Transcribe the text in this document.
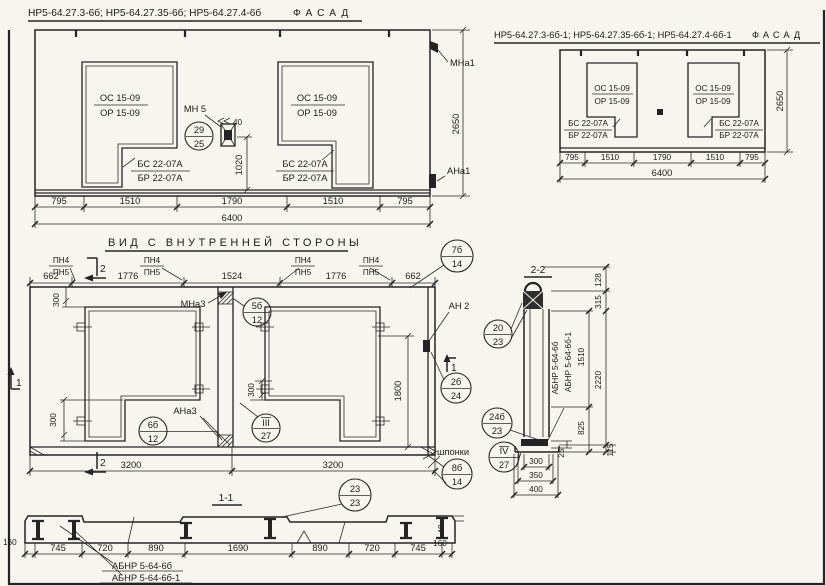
НР5-64.27.3-6б; НР5-64.27.35-6б; НР5-64.27.4-6б	ФАСАД
ОС 15-09
ОР 15-09
ОС 15-09
ОР 15-09
БС 22-07А
БР 22-07А
БС 22-07А
БР 22-07А
МН 5
29
25
40
1020
МНа1
АНа1
2650
795	1510	1790	1510	795
6400
НР5-64.27.3-6б-1; НР5-64.27.35-6б-1; НР5-64.27.4-6б-1 ФАСАД
ОС 15-09
ОР 15-09
ОС 15-09
ОР 15-09
БС 22-07А
БР 22-07А
БС 22-07А
БР 22-07А
2650
795	1510	1790	1510	795
6400
ВИД С ВНУТРЕННЕЙ СТОРОНЫ
662	1776	1524	1776	662
ПН4
ПН5
ПН4
ПН5
ПН4
ПН5
ПН4
ПН5
2
300
300
300	1800
МНа3
АНа3
АН 2
1
1
2 3200	3200
шпонки
7б
14
5б
12
6б
12
III
27
2б
24
8б
14
IV
27
2-2
1510
825
128
315
2220
25	115
АБНР 5-64-6б АБНР 5-64-6б-1
300
350
400
20
23
24б
23
1-1
160	160
40
745	720	890	1690	890	720	745
АБНР 5-64-6б
АБНР 5-64-6б-1
23
23
